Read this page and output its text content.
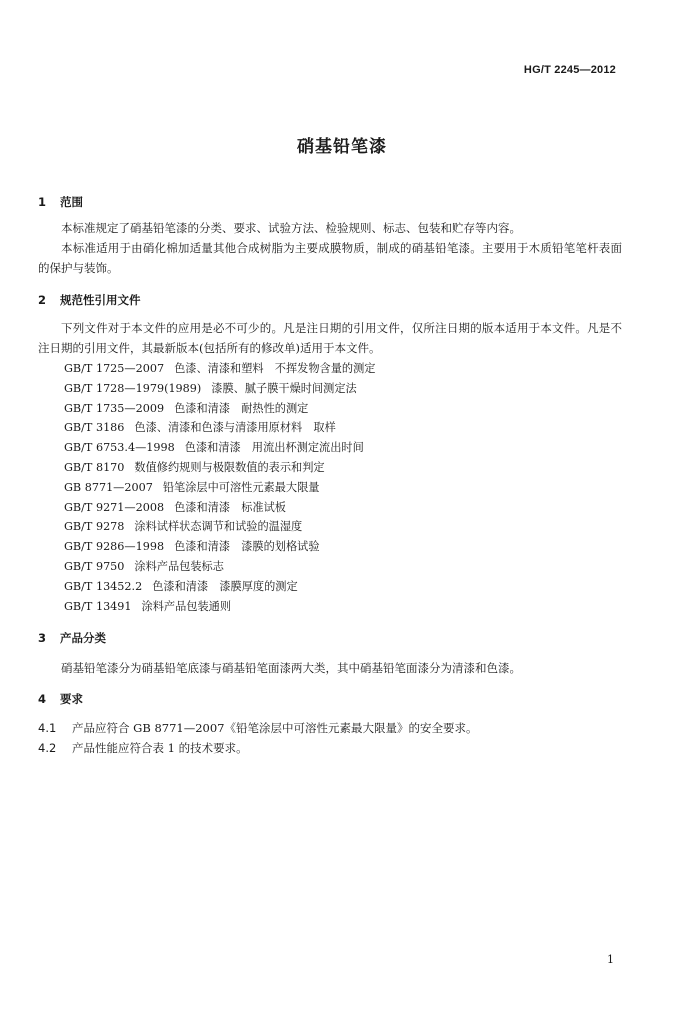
HG/T 2245—2012
硝基铅笔漆
1 范围
本标准规定了硝基铅笔漆的分类、要求、试验方法、检验规则、标志、包装和贮存等内容。
本标准适用于由硝化棉加适量其他合成树脂为主要成膜物质，制成的硝基铅笔漆。主要用于木质铅笔笔杆表面的保护与装饰。
2 规范性引用文件
下列文件对于本文件的应用是必不可少的。凡是注日期的引用文件，仅所注日期的版本适用于本文件。凡是不注日期的引用文件，其最新版本(包括所有的修改单)适用于本文件。
GB/T 1725—2007 色漆、清漆和塑料　不挥发物含量的测定
GB/T 1728—1979(1989) 漆膜、腻子膜干燥时间测定法
GB/T 1735—2009 色漆和清漆　耐热性的测定
GB/T 3186 色漆、清漆和色漆与清漆用原材料　取样
GB/T 6753.4—1998 色漆和清漆　用流出杯测定流出时间
GB/T 8170 数值修约规则与极限数值的表示和判定
GB 8771—2007 铅笔涂层中可溶性元素最大限量
GB/T 9271—2008 色漆和清漆　标准试板
GB/T 9278 涂料试样状态调节和试验的温湿度
GB/T 9286—1998 色漆和清漆　漆膜的划格试验
GB/T 9750 涂料产品包装标志
GB/T 13452.2 色漆和清漆　漆膜厚度的测定
GB/T 13491 涂料产品包装通则
3 产品分类
硝基铅笔漆分为硝基铅笔底漆与硝基铅笔面漆两大类，其中硝基铅笔面漆分为清漆和色漆。
4 要求
4.1 产品应符合 GB 8771—2007《铅笔涂层中可溶性元素最大限量》的安全要求。
4.2 产品性能应符合表 1 的技术要求。
1
